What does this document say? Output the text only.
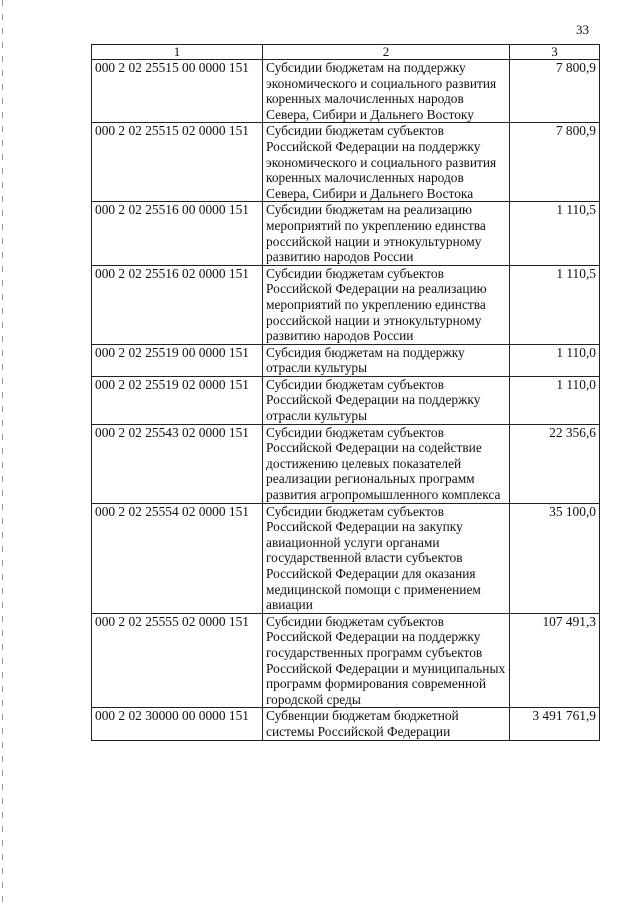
33
1	2	3
000 2 02 25515 00 0000 151	Субсидии бюджетам на поддержку экономического и социального развития коренных малочисленных народов Севера, Сибири и Дальнего Востоку	7 800,9
000 2 02 25515 02 0000 151	Субсидии бюджетам субъектов Российской Федерации на поддержку экономического и социального развития коренных малочисленных народов Севера, Сибири и Дальнего Востока	7 800,9
000 2 02 25516 00 0000 151	Субсидии бюджетам на реализацию мероприятий по укреплению единства российской нации и этнокультурному развитию народов России	1 110,5
000 2 02 25516 02 0000 151	Субсидии бюджетам субъектов Российской Федерации на реализацию мероприятий по укреплению единства российской нации и этнокультурному развитию народов России	1 110,5
000 2 02 25519 00 0000 151	Субсидия бюджетам на поддержку отрасли культуры	1 110,0
000 2 02 25519 02 0000 151	Субсидии бюджетам субъектов Российской Федерации на поддержку отрасли культуры	1 110,0
000 2 02 25543 02 0000 151	Субсидии бюджетам субъектов Российской Федерации на содействие достижению целевых показателей реализации региональных программ развития агропромышленного комплекса	22 356,6
000 2 02 25554 02 0000 151	Субсидии бюджетам субъектов Российской Федерации на закупку авиационной услуги органами государственной власти субъектов Российской Федерации для оказания медицинской помощи с применением авиации	35 100,0
000 2 02 25555 02 0000 151	Субсидии бюджетам субъектов Российской Федерации на поддержку государственных программ субъектов Российской Федерации и муниципальных программ формирования современной городской среды	107 491,3
000 2 02 30000 00 0000 151	Субвенции бюджетам бюджетной системы Российской Федерации	3 491 761,9
